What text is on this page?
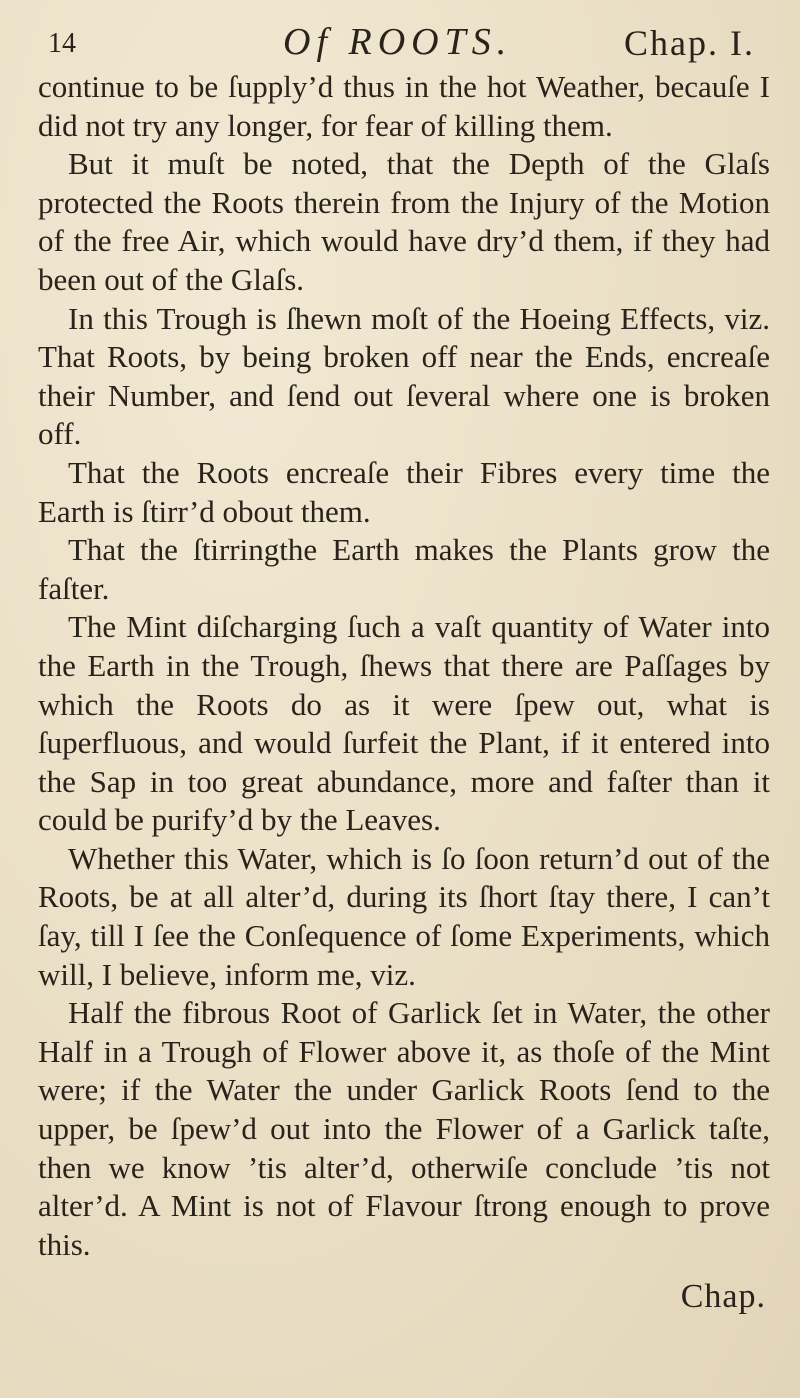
14	Of ROOTS.	Chap. I.

continue to be ſupply’d thus in the hot Weather, becauſe I did not try any longer, for fear of killing them.

But it muſt be noted, that the Depth of the Glaſs protected the Roots therein from the Injury of the Motion of the free Air, which would have dry’d them, if they had been out of the Glaſs.

In this Trough is ſhewn moſt of the Hoeing Effects, viz. That Roots, by being broken off near the Ends, encreaſe their Number, and ſend out ſeveral where one is broken off.

That the Roots encreaſe their Fibres every time the Earth is ſtirr’d obout them.

That the ſtirringthe Earth makes the Plants grow the faſter.

The Mint diſcharging ſuch a vaſt quantity of Water into the Earth in the Trough, ſhews that there are Paſſages by which the Roots do as it were ſpew out, what is ſuperfluous, and would ſurfeit the Plant, if it entered into the Sap in too great abundance, more and faſter than it could be purify’d by the Leaves.

Whether this Water, which is ſo ſoon return’d out of the Roots, be at all alter’d, during its ſhort ſtay there, I can’t ſay, till I ſee the Conſequence of ſome Experiments, which will, I believe, inform me, viz.

Half the fibrous Root of Garlick ſet in Water, the other Half in a Trough of Flower above it, as thoſe of the Mint were; if the Water the under Garlick Roots ſend to the upper, be ſpew’d out into the Flower of a Garlick taſte, then we know ’tis alter’d, otherwiſe conclude ’tis not alter’d. A Mint is not of Flavour ſtrong enough to prove this.

Chap.
